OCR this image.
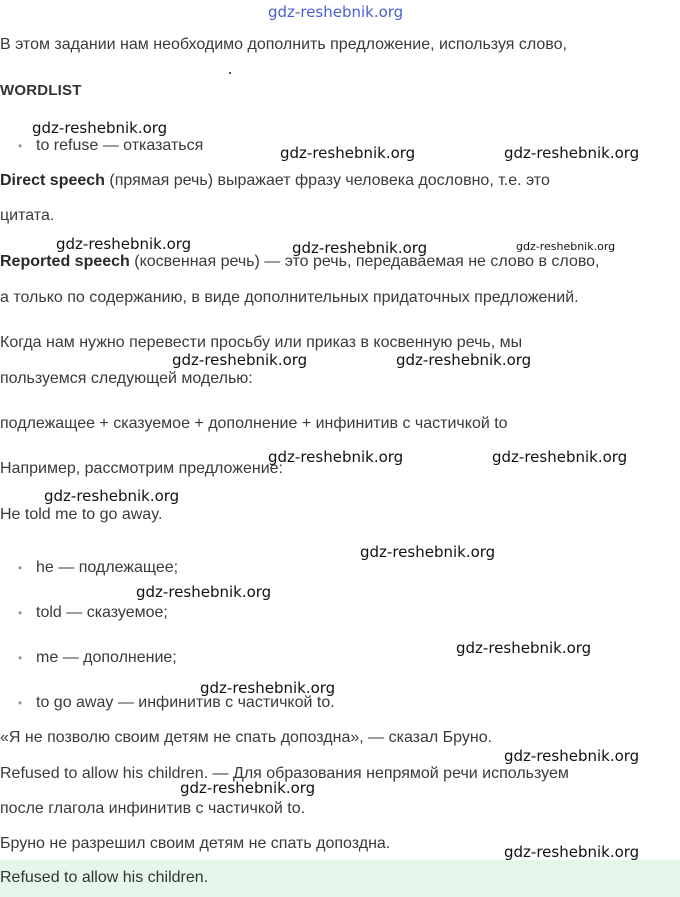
gdz-reshebnik.org
В этом задании нам необходимо дополнить предложение, используя слово,
WORDLIST
• to refuse — отказаться
Direct speech (прямая речь) выражает фразу человека дословно, т.е. это
цитата.
Reported speech (косвенная речь) — это речь, передаваемая не слово в слово,
а только по содержанию, в виде дополнительных придаточных предложений.
Когда нам нужно перевести просьбу или приказ в косвенную речь, мы
пользуемся следующей моделью:
подлежащее + сказуемое + дополнение + инфинитив с частичкой to
Например, рассмотрим предложение:
He told me to go away.
• he — подлежащее;
• told — сказуемое;
• me — дополнение;
• to go away — инфинитив с частичкой to.
«Я не позволю своим детям не спать допоздна», — сказал Бруно.
Refused to allow his children. — Для образования непрямой речи используем
после глагола инфинитив с частичкой to.
Бруно не разрешил своим детям не спать допоздна.
Refused to allow his children.
gdz-reshebnik.org
gdz-reshebnik.org	gdz-reshebnik.org
gdz-reshebnik.org	gdz-reshebnik.org	gdz-reshebnik.org
gdz-reshebnik.org	gdz-reshebnik.org
gdz-reshebnik.org	gdz-reshebnik.org
gdz-reshebnik.org
gdz-reshebnik.org
gdz-reshebnik.org
gdz-reshebnik.org
gdz-reshebnik.org
gdz-reshebnik.org
gdz-reshebnik.org
gdz-reshebnik.org
